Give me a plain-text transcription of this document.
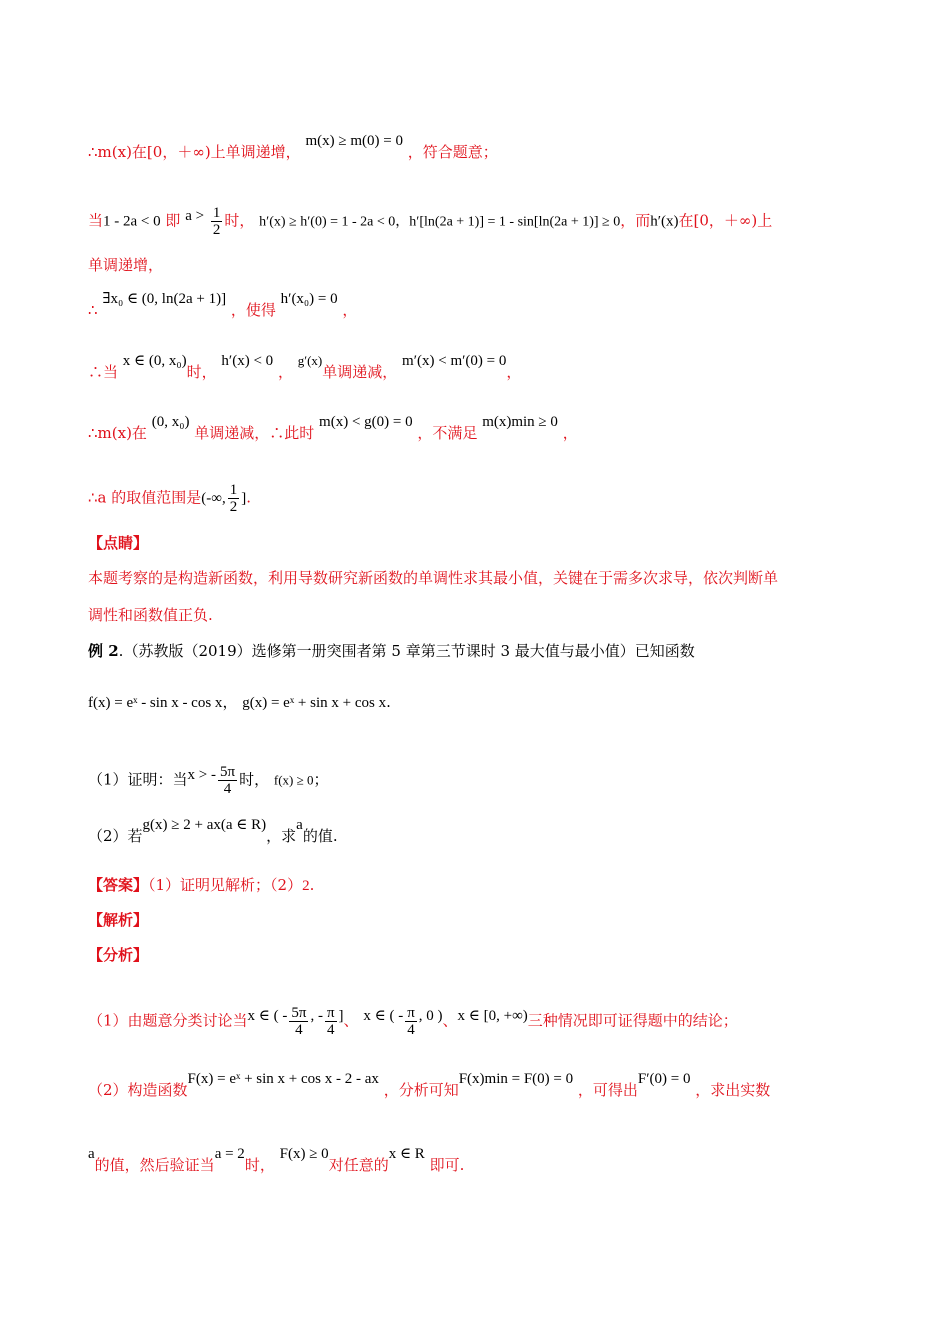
∴m(x)在[0，＋∞)上单调递增， m(x) ≥ m(0) = 0 ，符合题意；
当1 - 2a < 0 即 $a > \frac{1}{2}$ 时， h′(x) ≥ h′(0) = 1 - 2a < 0，h′[ln(2a + 1)] = 1 - sin[ln(2a + 1)] ≥ 0，而h′(x)在[0，＋∞)上
单调递增，
∴ ∃x₀ ∈ (0, ln(2a + 1)] ，使得 h′(x₀) = 0 ，
∴当 x ∈ (0, x₀)时， h′(x) < 0 ， g′(x)单调递减， m′(x) < m′(0) = 0，
∴m(x)在 (0, x₀) 单调递减，∴此时 m(x) < g(0) = 0 ，不满足 m(x)min ≥ 0 ，
∴a 的取值范围是(-∞, $\frac{1}{2}$ ].
【点睛】
本题考察的是构造新函数，利用导数研究新函数的单调性求其最小值，关键在于需多次求导，依次判断单
调性和函数值正负.
例 2.（苏教版（2019）选修第一册突围者第 5 章第三节课时 3 最大值与最小值）已知函数
f(x) = eˣ - sin x - cos x， g(x) = eˣ + sin x + cos x.
（1）证明：当x > - $\frac{5\pi}{4}$ 时， f(x) ≥ 0；
（2）若g(x) ≥ 2 + ax(a ∈ R)，求a的值.
【答案】（1）证明见解析；（2）2.
【解析】
【分析】
（1）由题意分类讨论当x ∈ ( - $\frac{5\pi}{4}$ , - $\frac{\pi}{4}$ ]、 x ∈ ( - $\frac{\pi}{4}$ , 0 )、x ∈ [0, +∞)三种情况即可证得题中的结论；
（2）构造函数F(x) = eˣ + sin x + cos x - 2 - ax ，分析可知F(x)min = F(0) = 0 ，可得出F′(0) = 0 ，求出实数
a的值，然后验证当a = 2时， F(x) ≥ 0对任意的x ∈ R 即可.
